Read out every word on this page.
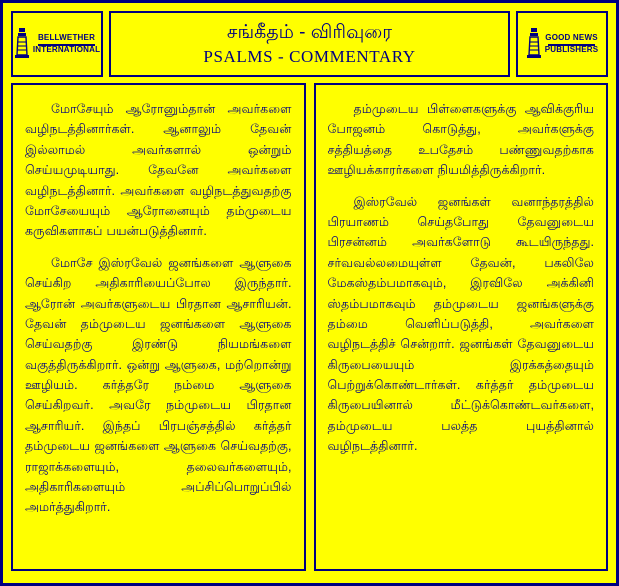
BELLWETHER
INTERNATIONAL
சங்கீதம் - விரிவுரை
PSALMS - COMMENTARY
GOOD NEWS
PUBLISHERS

மோசேயும் ஆரோனும்தான் அவர்களை வழிநடத்தினார்கள். ஆனாலும் தேவன் இல்லாமல் அவர்களால் ஒன்றும் செய்யமுடியாது. தேவனே அவர்களை வழிநடத்தினார். அவர்களை வழிநடத்துவதற்கு மோசேயையும் ஆரோனையும் தம்முடைய கருவிகளாகப் பயன்படுத்தினார்.

மோசே இஸ்ரவேல் ஜனங்களை ஆளுகை செய்கிற அதிகாரியைப்போல இருந்தார். ஆரோன் அவர்களுடைய பிரதான ஆசாரியன். தேவன் தம்முடைய ஜனங்களை ஆளுகை செய்வதற்கு இரண்டு நியமங்களை வகுத்திருக்கிறார். ஒன்று ஆளுகை, மற்றொன்று ஊழியம். கர்த்தரே நம்மை ஆளுகை செய்கிறவர். அவரே நம்முடைய பிரதான ஆசாரியர். இந்தப் பிரபஞ்சத்தில் கர்த்தர் தம்முடைய ஜனங்களை ஆளுகை செய்வதற்கு, ராஜாக்களையும், தலைவர்களையும், அதிகாரிகளையும் அப்சிப்பொறுப்பில் அமர்த்துகிறார்.

தம்முடைய பிள்ளைகளுக்கு ஆவிக்குரிய போஜனம் கொடுத்து, அவர்களுக்கு சத்தியத்தை உபதேசம் பண்ணுவதற்காக ஊழியக்காரர்களை நியமித்திருக்கிறார்.

இஸ்ரவேல் ஜனங்கள் வனாந்தரத்தில் பிரயாணம் செய்தபோது தேவனுடைய பிரசன்னம் அவர்களோடு கூடயிருந்தது. சர்வவல்லமையுள்ள தேவன், பகலிலே மேகஸ்தம்பமாகவும், இரவிலே அக்கினி ஸ்தம்பமாகவும் தம்முடைய ஜனங்களுக்கு தம்மை வெளிப்படுத்தி, அவர்களை வழிநடத்திச் சென்றார். ஜனங்கள் தேவனுடைய கிருபையையும் இரக்கத்தையும் பெற்றுக்கொண்டார்கள். கர்த்தர் தம்முடைய கிருபையினால் மீட்டுக்கொண்டவர்களை, தம்முடைய பலத்த புயத்தினால் வழிநடத்தினார்.
